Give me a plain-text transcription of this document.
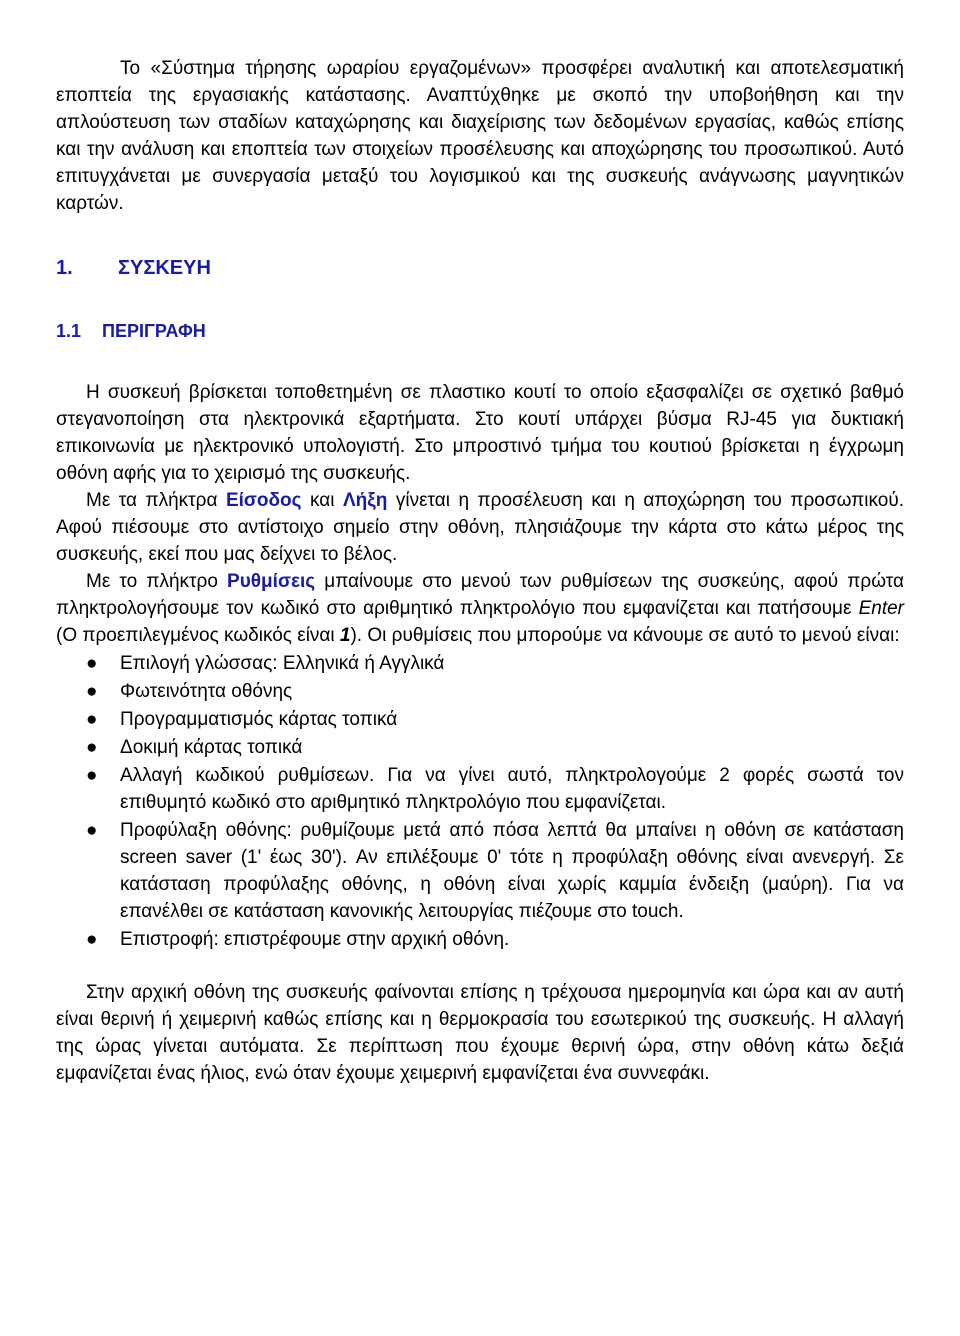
Το «Σύστημα τήρησης ωραρίου εργαζομένων» προσφέρει αναλυτική και αποτελεσματική εποπτεία της εργασιακής κατάστασης. Αναπτύχθηκε με σκοπό την υποβοήθηση και την απλούστευση των σταδίων καταχώρησης και διαχείρισης των δεδομένων εργασίας, καθώς επίσης και την ανάλυση και εποπτεία των στοιχείων προσέλευσης και αποχώρησης του προσωπικού. Αυτό επιτυγχάνεται με συνεργασία μεταξύ του λογισμικού και της συσκευής ανάγνωσης μαγνητικών καρτών.

1.	ΣΥΣΚΕΥΗ
1.1	ΠΕΡΙΓΡΑΦΗ

Η συσκευή βρίσκεται τοποθετημένη σε πλαστικο κουτί το οποίο εξασφαλίζει σε σχετικό βαθμό στεγανοποίηση στα ηλεκτρονικά εξαρτήματα. Στο κουτί υπάρχει βύσμα RJ-45 για δυκτιακή επικοινωνία με ηλεκτρονικό υπολογιστή. Στο μπροστινό τμήμα του κουτιού βρίσκεται η έγχρωμη οθόνη αφής για το χειρισμό της συσκευής.

Με τα πλήκτρα Είσοδος και Λήξη γίνεται η προσέλευση και η αποχώρηση του προσωπικού. Αφού πιέσουμε στο αντίστοιχο σημείο στην οθόνη, πλησιάζουμε την κάρτα στο κάτω μέρος της συσκευής, εκεί που μας δείχνει το βέλος.

Με το πλήκτρο Ρυθμίσεις μπαίνουμε στο μενού των ρυθμίσεων της συσκεύης, αφού πρώτα πληκτρολογήσουμε τον κωδικό στο αριθμητικό πληκτρολόγιο που εμφανίζεται και πατήσουμε Enter (Ο προεπιλεγμένος κωδικός είναι 1). Οι ρυθμίσεις που μπορούμε να κάνουμε σε αυτό το μενού είναι:

● Επιλογή γλώσσας: Ελληνικά ή Αγγλικά
● Φωτεινότητα οθόνης
● Προγραμματισμός κάρτας τοπικά
● Δοκιμή κάρτας τοπικά
● Αλλαγή κωδικού ρυθμίσεων. Για να γίνει αυτό, πληκτρολογούμε 2 φορές σωστά τον επιθυμητό κωδικό στο αριθμητικό πληκτρολόγιο που εμφανίζεται.
● Προφύλαξη οθόνης: ρυθμίζουμε μετά από πόσα λεπτά θα μπαίνει η οθόνη σε κατάσταση screen saver (1' έως 30'). Αν επιλέξουμε 0' τότε η προφύλαξη οθόνης είναι ανενεργή. Σε κατάσταση προφύλαξης οθόνης, η οθόνη είναι χωρίς καμμία ένδειξη (μαύρη). Για να επανέλθει σε κατάσταση κανονικής λειτουργίας πιέζουμε στο touch.
● Επιστροφή: επιστρέφουμε στην αρχική οθόνη.

Στην αρχική οθόνη της συσκευής φαίνονται επίσης η τρέχουσα ημερομηνία και ώρα και αν αυτή είναι θερινή ή χειμερινή καθώς επίσης και η θερμοκρασία του εσωτερικού της συσκευής. Η αλλαγή της ώρας γίνεται αυτόματα. Σε περίπτωση που έχουμε θερινή ώρα, στην οθόνη κάτω δεξιά εμφανίζεται ένας ήλιος, ενώ όταν έχουμε χειμερινή εμφανίζεται ένα συννεφάκι.
